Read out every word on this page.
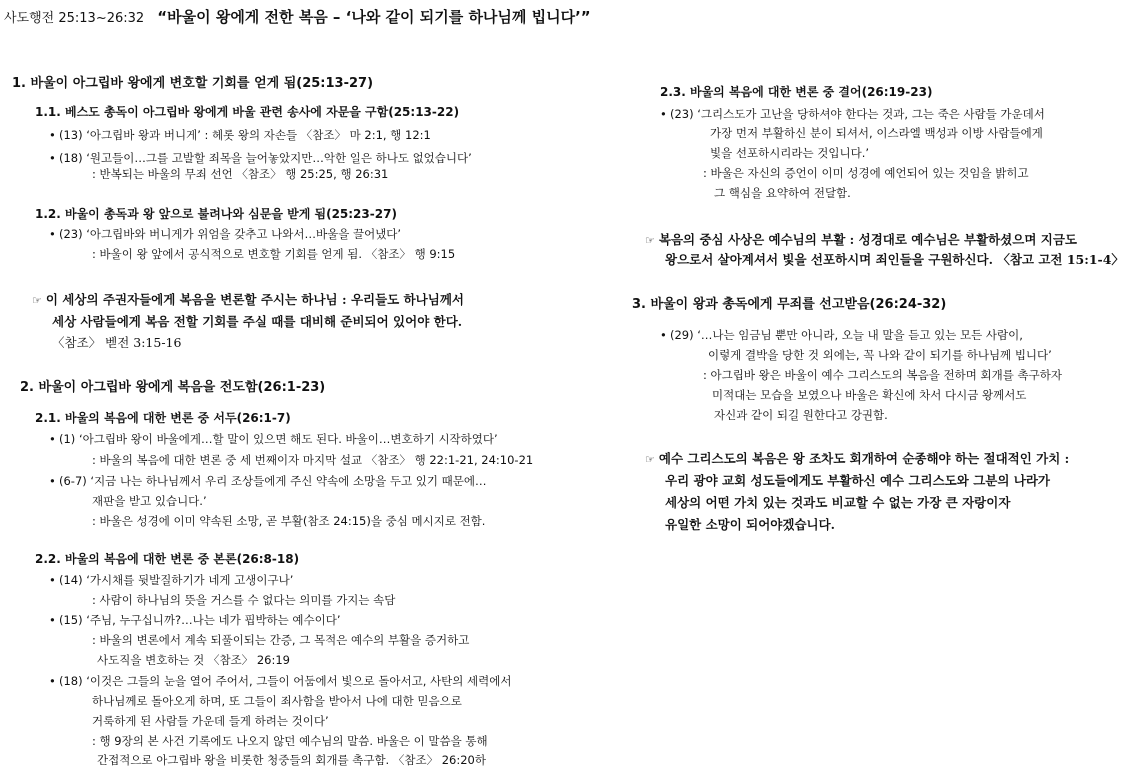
사도행전 25:13~26:32 “바울이 왕에게 전한 복음 – ‘나와 같이 되기를 하나님께 빕니다’”
1. 바울이 아그립바 왕에게 변호할 기회를 얻게 됨(25:13-27)
1.1. 베스도 총독이 아그립바 왕에게 바울 관련 송사에 자문을 구함(25:13-22)
• (13) ‘아그립바 왕과 버니게’ : 헤롯 왕의 자손들 〈참조〉 마 2:1, 행 12:1
• (18) ‘원고들이…그를 고발할 죄목을 늘어놓았지만…악한 일은 하나도 없었습니다’
: 반복되는 바울의 무죄 선언 〈참조〉 행 25:25, 행 26:31
1.2. 바울이 총독과 왕 앞으로 불려나와 심문을 받게 됨(25:23-27)
• (23) ‘아그립바와 버니게가 위엄을 갖추고 나와서…바울을 끌어냈다’
: 바울이 왕 앞에서 공식적으로 변호할 기회를 얻게 됨. 〈참조〉 행 9:15
☞ 이 세상의 주권자들에게 복음을 변론할 주시는 하나님 : 우리들도 하나님께서
세상 사람들에게 복음 전할 기회를 주실 때를 대비해 준비되어 있어야 한다.
〈참조〉 벧전 3:15-16
2. 바울이 아그립바 왕에게 복음을 전도함(26:1-23)
2.1. 바울의 복음에 대한 변론 중 서두(26:1-7)
• (1) ‘아그립바 왕이 바울에게…할 말이 있으면 해도 된다. 바울이…변호하기 시작하였다’
: 바울의 복음에 대한 변론 중 세 번째이자 마지막 설교 〈참조〉 행 22:1-21, 24:10-21
• (6-7) ‘지금 나는 하나님께서 우리 조상들에게 주신 약속에 소망을 두고 있기 때문에…
재판을 받고 있습니다.’
: 바울은 성경에 이미 약속된 소망, 곧 부활(참조 24:15)을 중심 메시지로 전함.
2.2. 바울의 복음에 대한 변론 중 본론(26:8-18)
• (14) ‘가시채를 뒷발질하기가 네게 고생이구나’
: 사람이 하나님의 뜻을 거스를 수 없다는 의미를 가지는 속담
• (15) ‘주님, 누구십니까?…나는 네가 핍박하는 예수이다’
: 바울의 변론에서 계속 되풀이되는 간증, 그 목적은 예수의 부활을 증거하고
사도직을 변호하는 것 〈참조〉 26:19
• (18) ‘이것은 그들의 눈을 열어 주어서, 그들이 어둠에서 빛으로 돌아서고, 사탄의 세력에서
하나님께로 돌아오게 하며, 또 그들이 죄사함을 받아서 나에 대한 믿음으로
거룩하게 된 사람들 가운데 들게 하려는 것이다’
: 행 9장의 본 사건 기록에도 나오지 않던 예수님의 말씀. 바울은 이 말씀을 통해
간접적으로 아그립바 왕을 비롯한 청중들의 회개를 촉구함. 〈참조〉 26:20하
2.3. 바울의 복음에 대한 변론 중 결어(26:19-23)
• (23) ‘그리스도가 고난을 당하셔야 한다는 것과, 그는 죽은 사람들 가운데서
가장 먼저 부활하신 분이 되셔서, 이스라엘 백성과 이방 사람들에게
빛을 선포하시리라는 것입니다.’
: 바울은 자신의 증언이 이미 성경에 예언되어 있는 것임을 밝히고
그 핵심을 요약하여 전달함.
☞ 복음의 중심 사상은 예수님의 부활 : 성경대로 예수님은 부활하셨으며 지금도
왕으로서 살아계셔서 빛을 선포하시며 죄인들을 구원하신다. 〈참고 고전 15:1-4〉
3. 바울이 왕과 총독에게 무죄를 선고받음(26:24-32)
• (29) ‘…나는 임금님 뿐만 아니라, 오늘 내 말을 듣고 있는 모든 사람이,
이렇게 결박을 당한 것 외에는, 꼭 나와 같이 되기를 하나님께 빕니다’
: 아그립바 왕은 바울이 예수 그리스도의 복음을 전하며 회개를 촉구하자
미적대는 모습을 보였으나 바울은 확신에 차서 다시금 왕께서도
자신과 같이 되길 원한다고 강권함.
☞ 예수 그리스도의 복음은 왕 조차도 회개하여 순종해야 하는 절대적인 가치 :
우리 광야 교회 성도들에게도 부활하신 예수 그리스도와 그분의 나라가
세상의 어떤 가치 있는 것과도 비교할 수 없는 가장 큰 자랑이자
유일한 소망이 되어야겠습니다.
